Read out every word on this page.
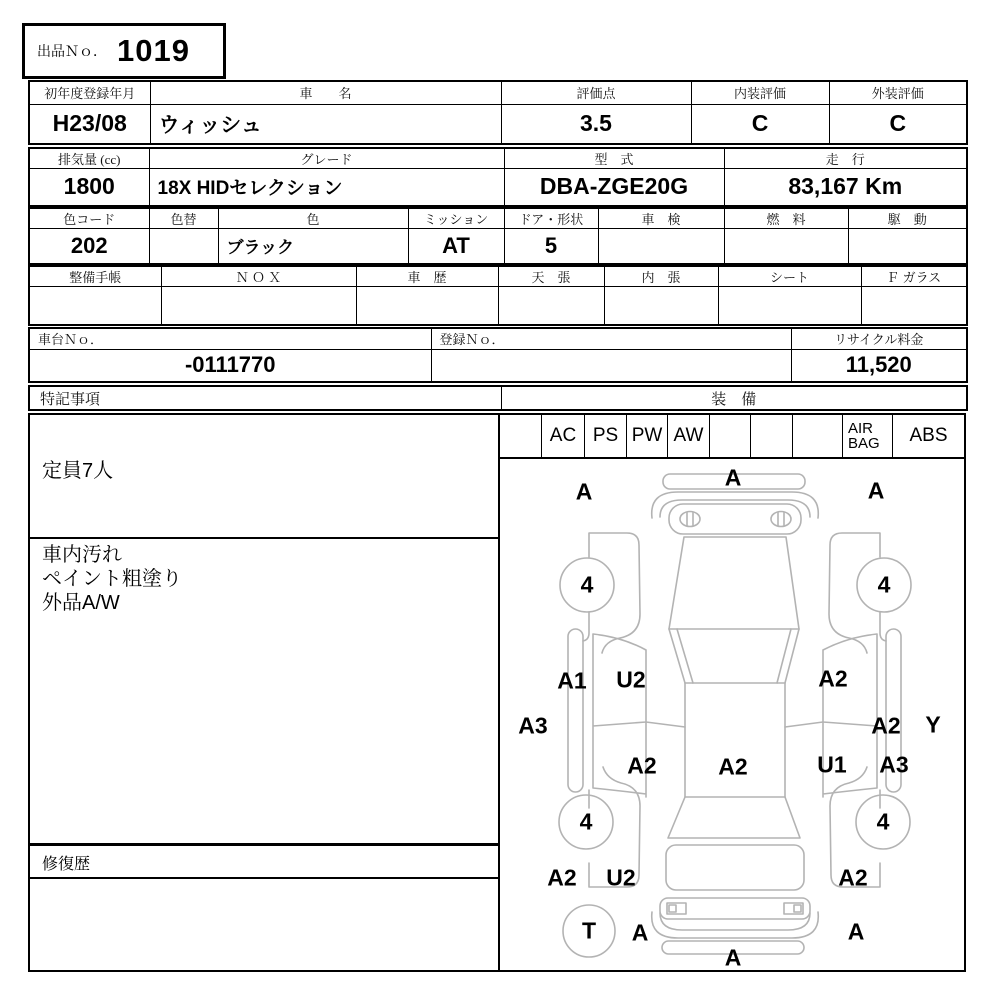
出品Ｎｏ． 1019
初年度登録年月	車　　名	評価点	内装評価	外装評価
H23/08	ウィッシュ	3.5	C	C
排気量 (cc)	グレード	型　式	走　行
1800	18X HIDセレクション	DBA-ZGE20G	83,167 Km
色コード	色替	色	ミッション	ドア・形状	車　検	燃　料	駆　動
202		ブラック	AT	5			
整備手帳	Ｎ Ｏ Ｘ	車　歴	天　張	内　張	シート	Ｆ ガラス

車台Ｎｏ．	登録Ｎｏ．	リサイクル料金
-0111770		11,520
特記事項	装　備
定員7人
車内汚れ
ペイント粗塗り
外品A/W
修復歴
AC PS PW AW	AIR BAG	ABS
A
A	A
4	4
A1 U2	A2
A3	A2 Y
A2	A2	U1 A3
4	4
A2 U2	A2
T A	A
A
